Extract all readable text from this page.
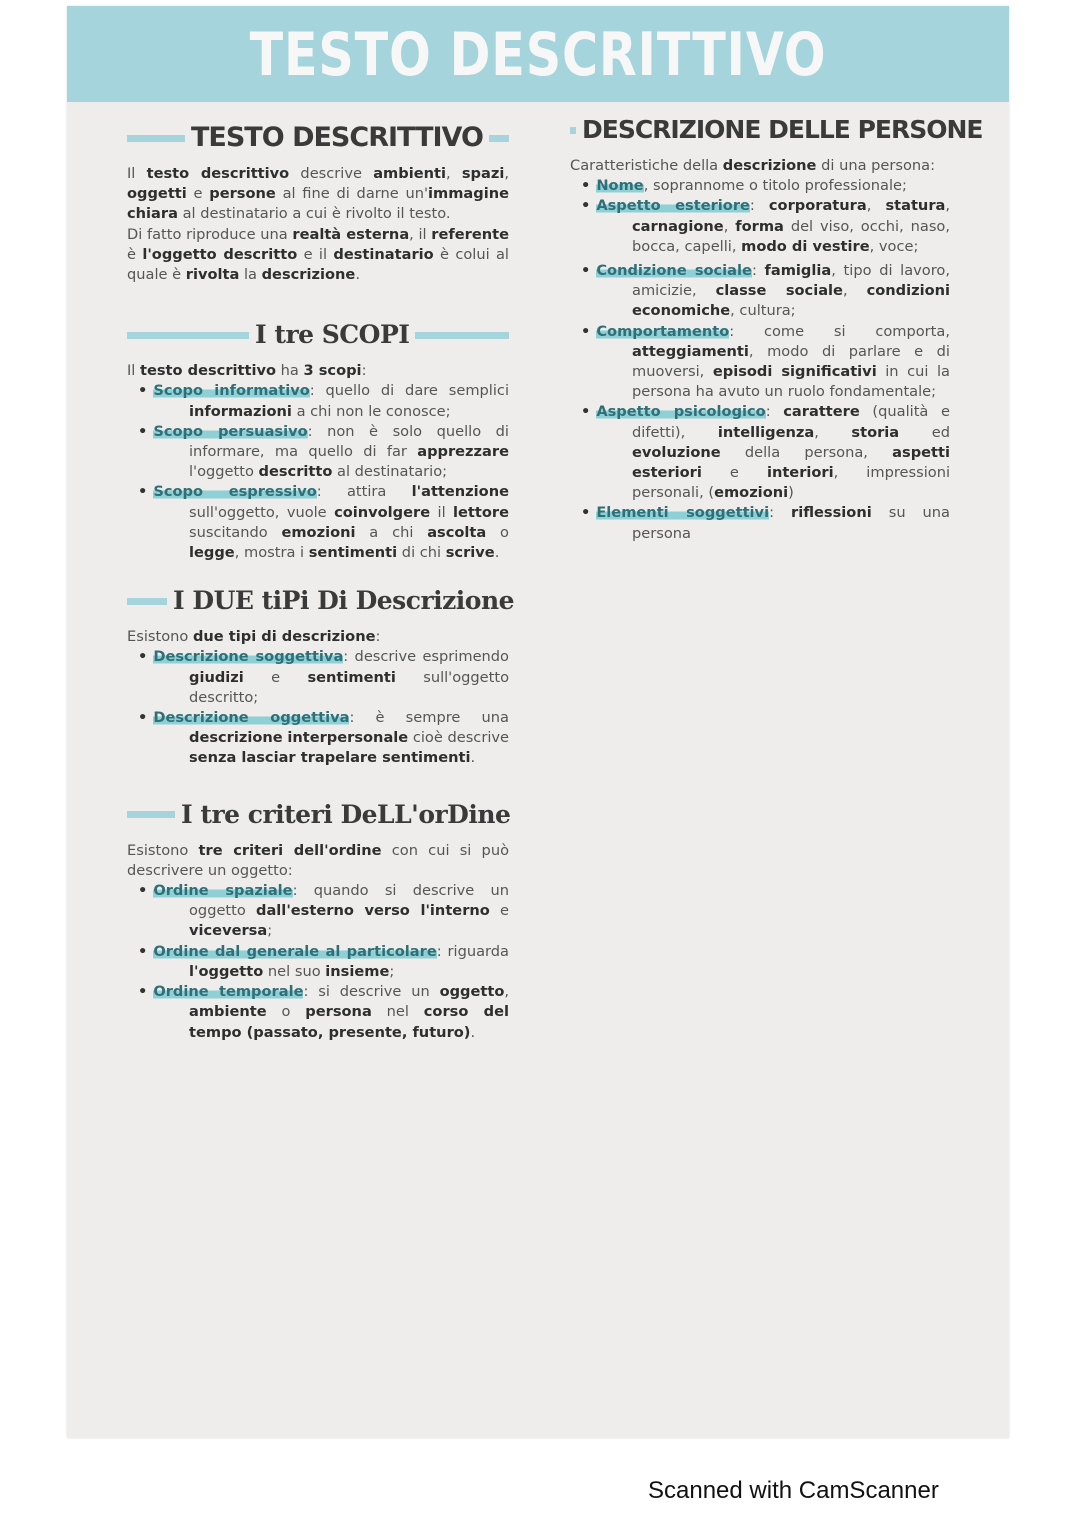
TESTO DESCRITTIVO
TESTO DESCRITTIVO

Il testo descrittivo descrive ambienti, spazi, oggetti e persone al fine di darne un'immagine chiara al destinatario a cui è rivolto il testo.

Di fatto riproduce una realtà esterna, il referente è l'oggetto descritto e il destinatario è colui al quale è rivolta la descrizione.

I tre SCOPI

Il testo descrittivo ha 3 scopi:

• Scopo informativo: quello di dare semplici informazioni a chi non le conosce;
• Scopo persuasivo: non è solo quello di informare, ma quello di far apprezzare l'oggetto descritto al destinatario;
• Scopo espressivo: attira l'attenzione sull'oggetto, vuole coinvolgere il lettore suscitando emozioni a chi ascolta o legge, mostra i sentimenti di chi scrive.
I DUE tiPi Di Descrizione

Esistono due tipi di descrizione:

• Descrizione soggettiva: descrive esprimendo giudizi e sentimenti sull'oggetto descritto;
• Descrizione oggettiva: è sempre una descrizione interpersonale cioè descrive senza lasciar trapelare sentimenti.
I tre criteri DeLL'orDine

Esistono tre criteri dell'ordine con cui si può descrivere un oggetto:

• Ordine spaziale: quando si descrive un oggetto dall'esterno verso l'interno e viceversa;
• Ordine dal generale al particolare: riguarda l'oggetto nel suo insieme;
• Ordine temporale: si descrive un oggetto, ambiente o persona nel corso del tempo (passato, presente, futuro).
DESCRIZIONE DELLE PERSONE

Caratteristiche della descrizione di una persona:

• Nome, soprannome o titolo professionale;
• Aspetto esteriore: corporatura, statura, carnagione, forma del viso, occhi, naso, bocca, capelli, modo di vestire, voce;
• Condizione sociale: famiglia, tipo di lavoro, amicizie, classe sociale, condizioni economiche, cultura;
• Comportamento: come si comporta, atteggiamenti, modo di parlare e di muoversi, episodi significativi in cui la persona ha avuto un ruolo fondamentale;
• Aspetto psicologico: carattere (qualità e difetti), intelligenza, storia ed evoluzione della persona, aspetti esteriori e interiori, impressioni personali, (emozioni)
• Elementi soggettivi: riflessioni su una persona
Scanned with CamScanner
